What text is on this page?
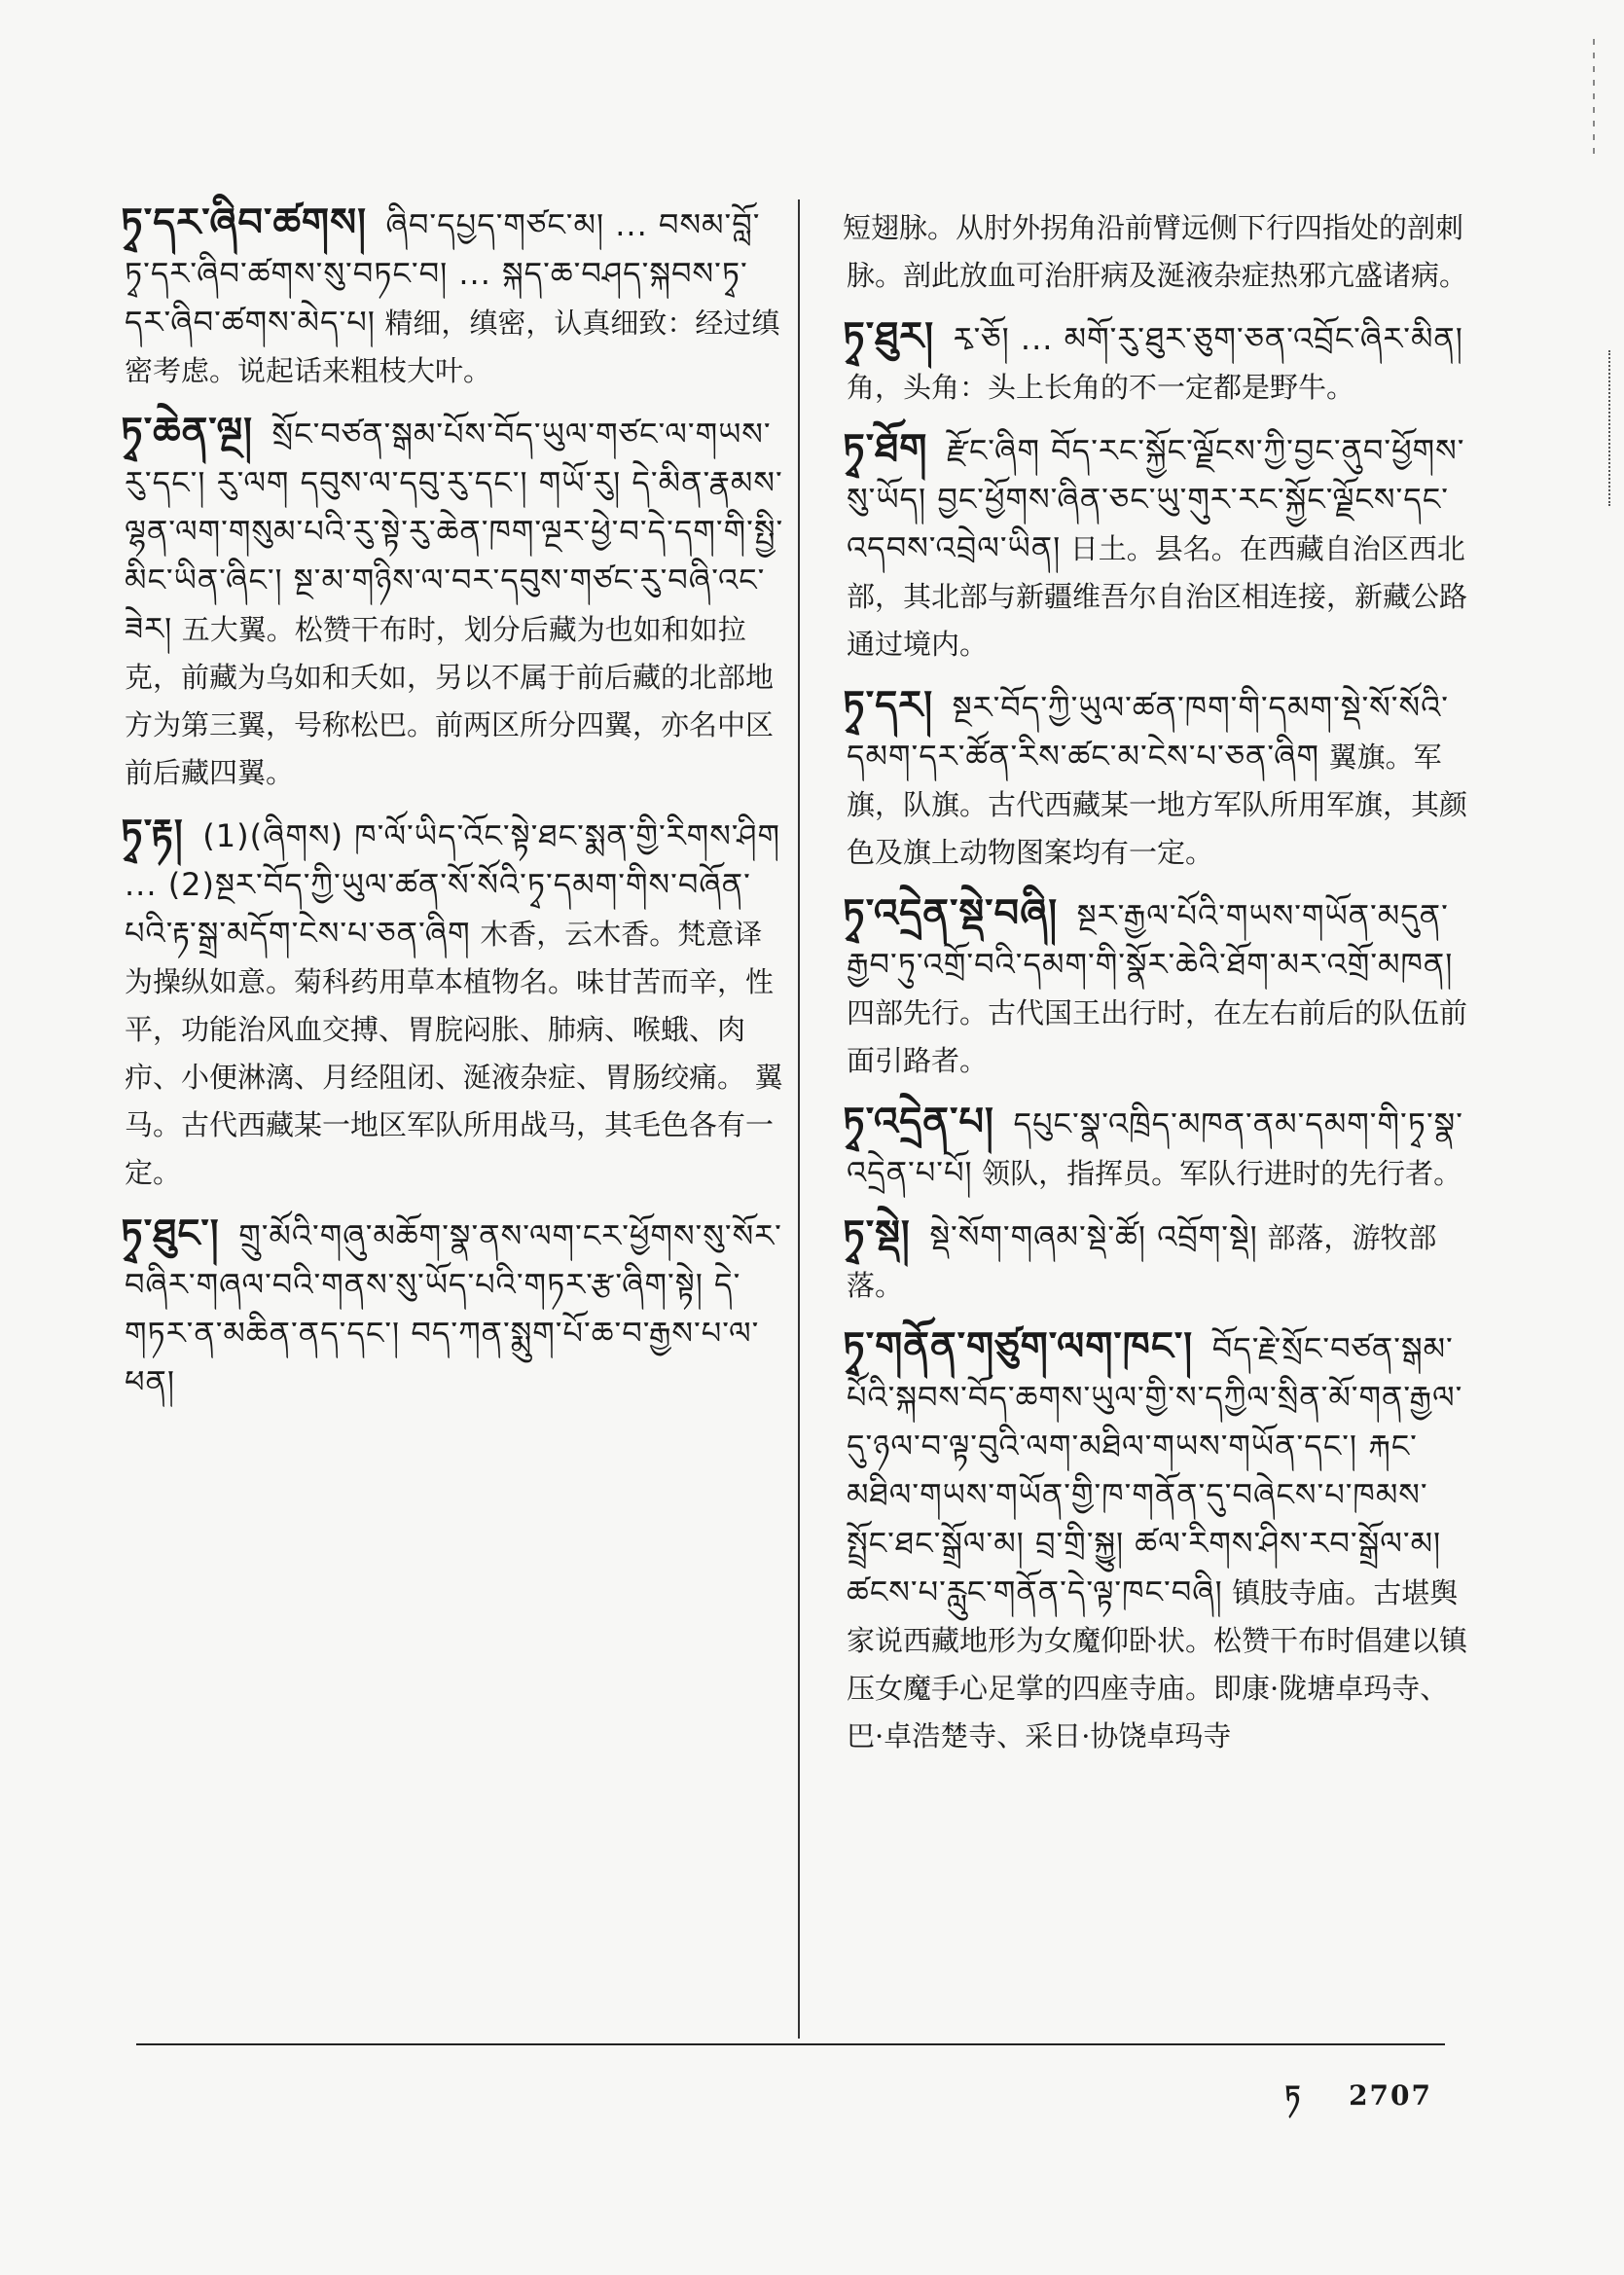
ཏྭ་དར་ཞིབ་ཚགས། ཞིབ་དཔྱད་གཙང་མ། ... བསམ་བློ་ཏྭ་དར་ཞིབ་ཚགས་སུ་བཏང་བ། ... སྐད་ཆ་བཤད་སྐབས་ཏྭ་དར་ཞིབ་ཚགས་མེད་པ། 精细，缜密，认真细致：经过缜密考虑。说起话来粗枝大叶。
ཏྭ་ཆེན་ལྔ། སྲོང་བཙན་སྒམ་པོས་བོད་ཡུལ་གཙང་ལ་གཡས་རུ་དང་། རུ་ལག དབུས་ལ་དབུ་རུ་དང་། གཡོ་རུ། དེ་མིན་རྣམས་ལྷན་ལག་གསུམ་པའི་རུ་སྟེ་རུ་ཆེན་ཁག་ལྔར་ཕྱེ་བ་དེ་དག་གི་སྤྱི་མིང་ཡིན་ཞིང་། སྔ་མ་གཉིས་ལ་བར་དབུས་གཙང་རུ་བཞི་འང་ཟེར། 五大翼。松赞干布时，划分后藏为也如和如拉克，前藏为乌如和夭如，另以不属于前后藏的北部地方为第三翼，号称松巴。前两区所分四翼，亦名中区前后藏四翼。
ཏྭ་རྟ། (1)(ཞིགས) ཁ་ལོ་ཡིད་འོང་སྟེ་ཐང་སྨན་གྱི་རིགས་ཤིག ... (2)སྔར་བོད་ཀྱི་ཡུལ་ཚན་སོ་སོའི་ཏྭ་དམག་གིས་བཞོན་པའི་རྟ་སྒྲ་མདོག་ངེས་པ་ཅན་ཞིག 木香，云木香。梵意译为操纵如意。菊科药用草本植物名。味甘苦而辛，性平，功能治风血交搏、胃脘闷胀、肺病、喉蛾、肉疖、小便淋漓、月经阻闭、涎液杂症、胃肠绞痛。 翼马。古代西藏某一地区军队所用战马，其毛色各有一定。
ཏྭ་ཐུང་། གྲུ་མོའི་གཞུ་མཆོག་སྣ་ནས་ལག་ངར་ཕྱོགས་སུ་སོར་བཞིར་གཞལ་བའི་གནས་སུ་ཡོད་པའི་གཏར་རྩ་ཞིག་སྟེ། དེ་གཏར་ན་མཆིན་ནད་དང་། བད་ཀན་སྨུག་པོ་ཆ་བ་རྒྱས་པ་ལ་ཕན།
短翅脉。从肘外拐角沿前臂远侧下行四指处的剖刺脉。剖此放血可治肝病及涎液杂症热邪亢盛诸病。
ཏྭ་ཐུར། རྭ་ཅོ། ... མགོ་རུ་ཐུར་ཅུག་ཅན་འབྲོང་ཞིར་མིན། 角，头角：头上长角的不一定都是野牛。
ཏྭ་ཐོག རྫོང་ཞིག བོད་རང་སྐྱོང་ལྗོངས་ཀྱི་བྱང་ནུབ་ཕྱོགས་སུ་ཡོད། བྱང་ཕྱོགས་ཞིན་ཅང་ཡུ་གུར་རང་སྐྱོང་ལྗོངས་དང་འདབས་འབྲེལ་ཡིན། 日土。县名。在西藏自治区西北部，其北部与新疆维吾尔自治区相连接，新藏公路通过境内。
ཏྭ་དར། སྔར་བོད་ཀྱི་ཡུལ་ཚན་ཁག་གི་དམག་སྡེ་སོ་སོའི་དམག་དར་ཚོན་རིས་ཚང་མ་ངེས་པ་ཅན་ཞིག 翼旗。军旗，队旗。古代西藏某一地方军队所用军旗，其颜色及旗上动物图案均有一定。
ཏྭ་འདྲེན་སྡེ་བཞི། སྔར་རྒྱལ་པོའི་གཡས་གཡོན་མདུན་རྒྱབ་ཏུ་འགྲོ་བའི་དམག་གི་སྣོར་ཆེའི་ཐོག་མར་འགྲོ་མཁན། 四部先行。古代国王出行时，在左右前后的队伍前面引路者。
ཏྭ་འདྲེན་པ། དཔུང་སྣ་འཁྲིད་མཁན་ནམ་དམག་གི་ཏྭ་སྣ་འདྲེན་པ་པོ། 领队，指挥员。军队行进时的先行者。
ཏྭ་སྡེ། སྡེ་སོག་གཞམ་སྡེ་ཚོ། འབྲོག་སྡེ། 部落，游牧部落。
ཏྭ་གནོན་གཙུག་ལག་ཁང་། བོད་རྗེ་སྲོང་བཙན་སྒམ་པོའི་སྐབས་བོད་ཆགས་ཡུལ་གྱི་ས་དཀྱིལ་སྲིན་མོ་གན་རྒྱལ་དུ་ཉལ་བ་ལྟ་བུའི་ལག་མཐིལ་གཡས་གཡོན་དང་། རྐང་མཐིལ་གཡས་གཡོན་གྱི་ཁ་གནོན་དུ་བཞེངས་པ་ཁམས་སྤྲོང་ཐང་སྒྲོལ་མ། བྲ་གྲི་སྐྱུ། ཚལ་རིགས་ཤིས་རབ་སྒྲོལ་མ། ཚངས་པ་རླུང་གནོན་དེ་ལྟ་ཁང་བཞི། 镇肢寺庙。古堪舆家说西藏地形为女魔仰卧状。松赞干布时倡建以镇压女魔手心足掌的四座寺庙。即康·陇塘卓玛寺、巴·卓浩楚寺、采日·协饶卓玛寺
ཏ 2707
